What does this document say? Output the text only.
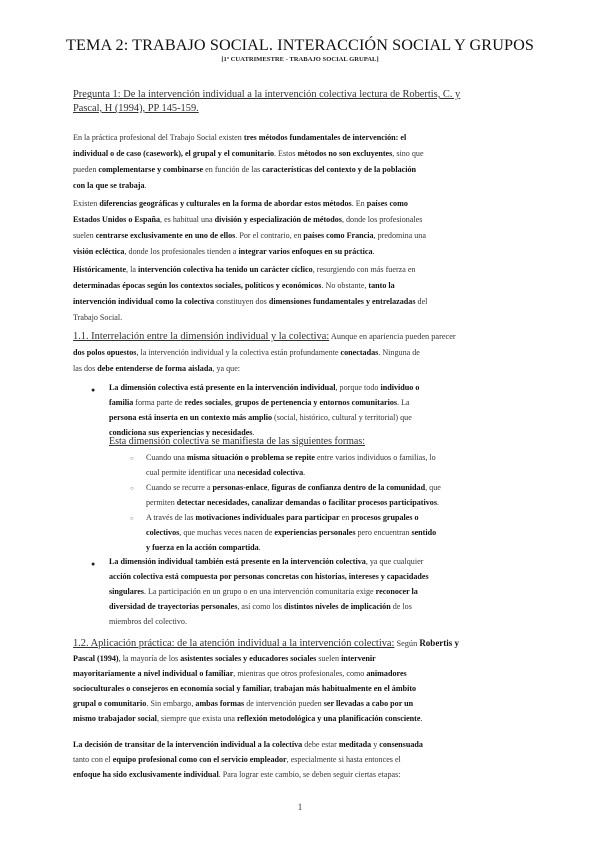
TEMA 2: TRABAJO SOCIAL. INTERACCIÓN SOCIAL Y GRUPOS
[1º CUATRIMESTRE - TRABAJO SOCIAL GRUPAL]
Pregunta 1: De la intervención individual a la intervención colectiva lectura de Robertis, C. y
Pascal, H (1994), PP 145-159.
En la práctica profesional del Trabajo Social existen tres métodos fundamentales de intervención: el
individual o de caso (casework), el grupal y el comunitario. Estos métodos no son excluyentes, sino que
pueden complementarse y combinarse en función de las características del contexto y de la población
con la que se trabaja.
Existen diferencias geográficas y culturales en la forma de abordar estos métodos. En países como
Estados Unidos o España, es habitual una división y especialización de métodos, donde los profesionales
suelen centrarse exclusivamente en uno de ellos. Por el contrario, en países como Francia, predomina una
visión ecléctica, donde los profesionales tienden a integrar varios enfoques en su práctica.
Históricamente, la intervención colectiva ha tenido un carácter cíclico, resurgiendo con más fuerza en
determinadas épocas según los contextos sociales, políticos y económicos. No obstante, tanto la
intervención individual como la colectiva constituyen dos dimensiones fundamentales y entrelazadas del
Trabajo Social.
1.1. Interrelación entre la dimensión individual y la colectiva: Aunque en apariencia pueden parecer
dos polos opuestos, la intervención individual y la colectiva están profundamente conectadas. Ninguna de
las dos debe entenderse de forma aislada, ya que:
● La dimensión colectiva está presente en la intervención individual, porque todo individuo o
familia forma parte de redes sociales, grupos de pertenencia y entornos comunitarios. La
persona está inserta en un contexto más amplio (social, histórico, cultural y territorial) que
condiciona sus experiencias y necesidades.
Esta dimensión colectiva se manifiesta de las siguientes formas:
○ Cuando una misma situación o problema se repite entre varios individuos o familias, lo
cual permite identificar una necesidad colectiva.
○ Cuando se recurre a personas-enlace, figuras de confianza dentro de la comunidad, que
permiten detectar necesidades, canalizar demandas o facilitar procesos participativos.
○ A través de las motivaciones individuales para participar en procesos grupales o
colectivos, que muchas veces nacen de experiencias personales pero encuentran sentido
y fuerza en la acción compartida.
● La dimensión individual también está presente en la intervención colectiva, ya que cualquier
acción colectiva está compuesta por personas concretas con historias, intereses y capacidades
singulares. La participación en un grupo o en una intervención comunitaria exige reconocer la
diversidad de trayectorias personales, así como los distintos niveles de implicación de los
miembros del colectivo.
1.2. Aplicación práctica: de la atención individual a la intervención colectiva: Según Robertis y
Pascal (1994), la mayoría de los asistentes sociales y educadores sociales suelen intervenir
mayoritariamente a nivel individual o familiar, mientras que otros profesionales, como animadores
socioculturales o consejeros en economía social y familiar, trabajan más habitualmente en el ámbito
grupal o comunitario. Sin embargo, ambas formas de intervención pueden ser llevadas a cabo por un
mismo trabajador social, siempre que exista una reflexión metodológica y una planificación consciente.
La decisión de transitar de la intervención individual a la colectiva debe estar meditada y consensuada
tanto con el equipo profesional como con el servicio empleador, especialmente si hasta entonces el
enfoque ha sido exclusivamente individual. Para lograr este cambio, se deben seguir ciertas etapas:
1
